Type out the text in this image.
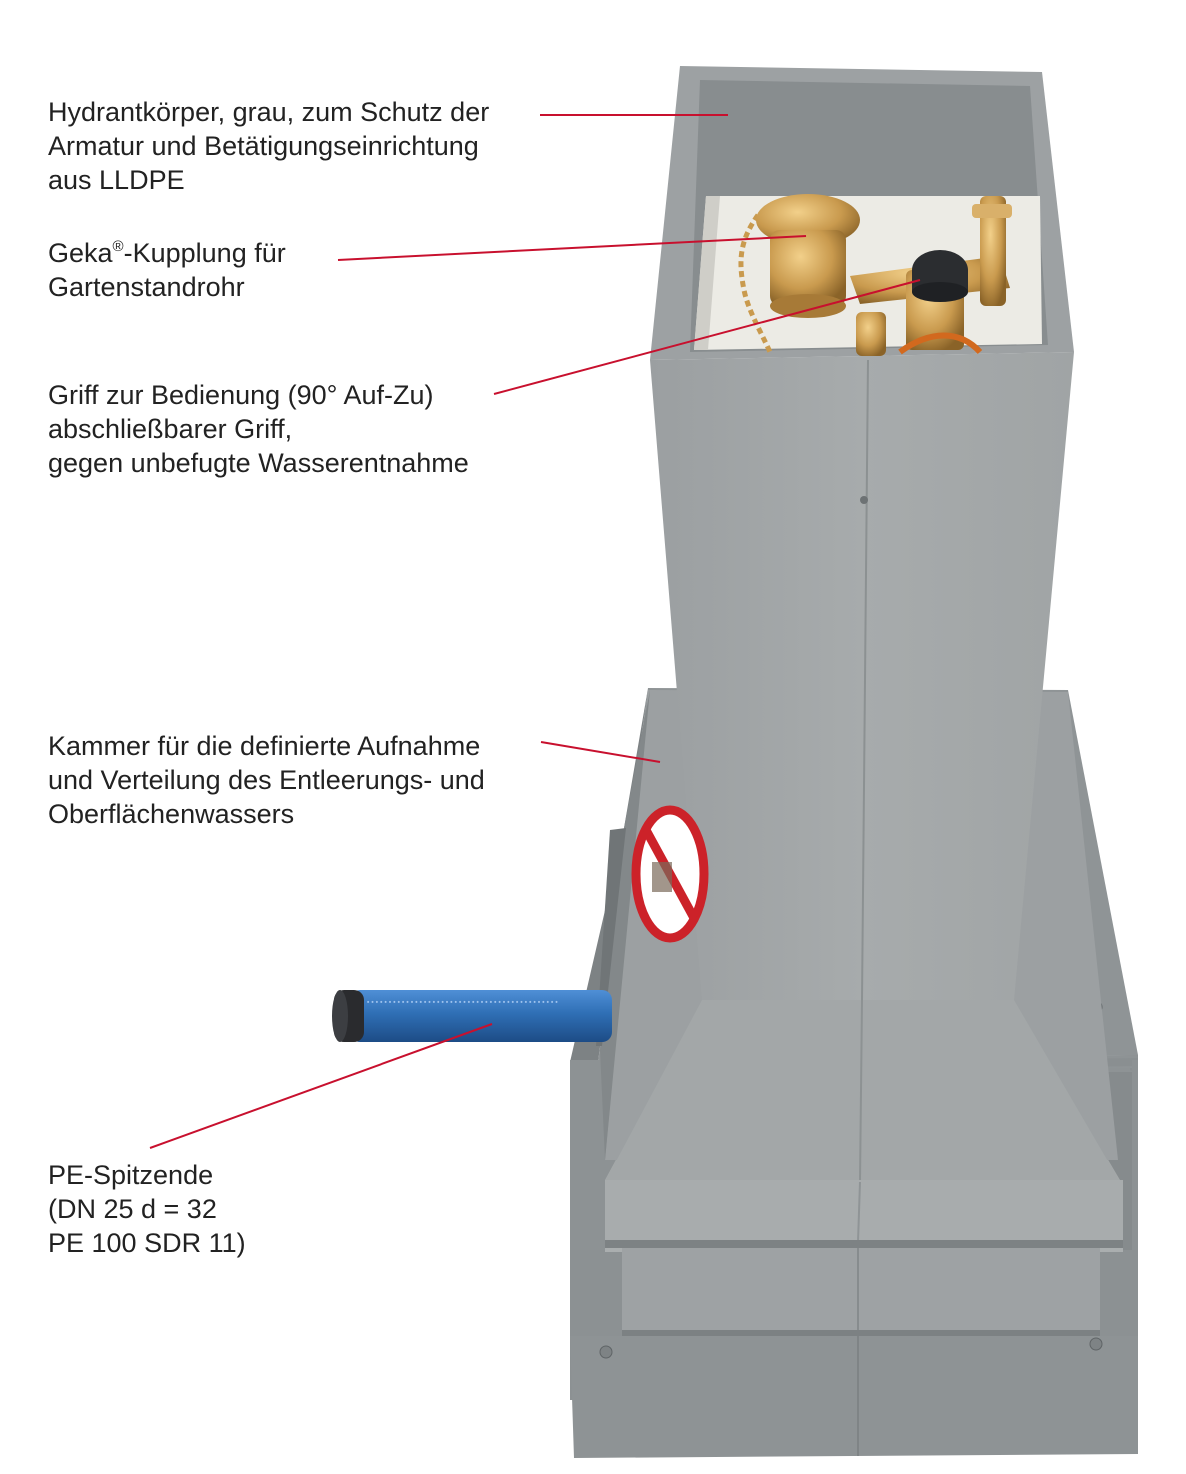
∙∙∙∙∙∙∙∙∙∙∙∙∙∙∙∙∙∙∙∙∙∙∙∙∙∙∙∙∙∙∙∙∙∙∙∙∙∙∙∙∙∙∙∙
Hydrantkörper, grau, zum Schutz der
Armatur und Betätigungseinrichtung
aus LLDPE
Geka®-Kupplung für
Gartenstandrohr
Griff zur Bedienung (90° Auf-Zu)
abschließbarer Griff,
gegen unbefugte Wasserentnahme
Kammer für die definierte Aufnahme
und Verteilung des Entleerungs- und
Oberflächenwassers
PE-Spitzende
(DN 25 d = 32
PE 100 SDR 11)
